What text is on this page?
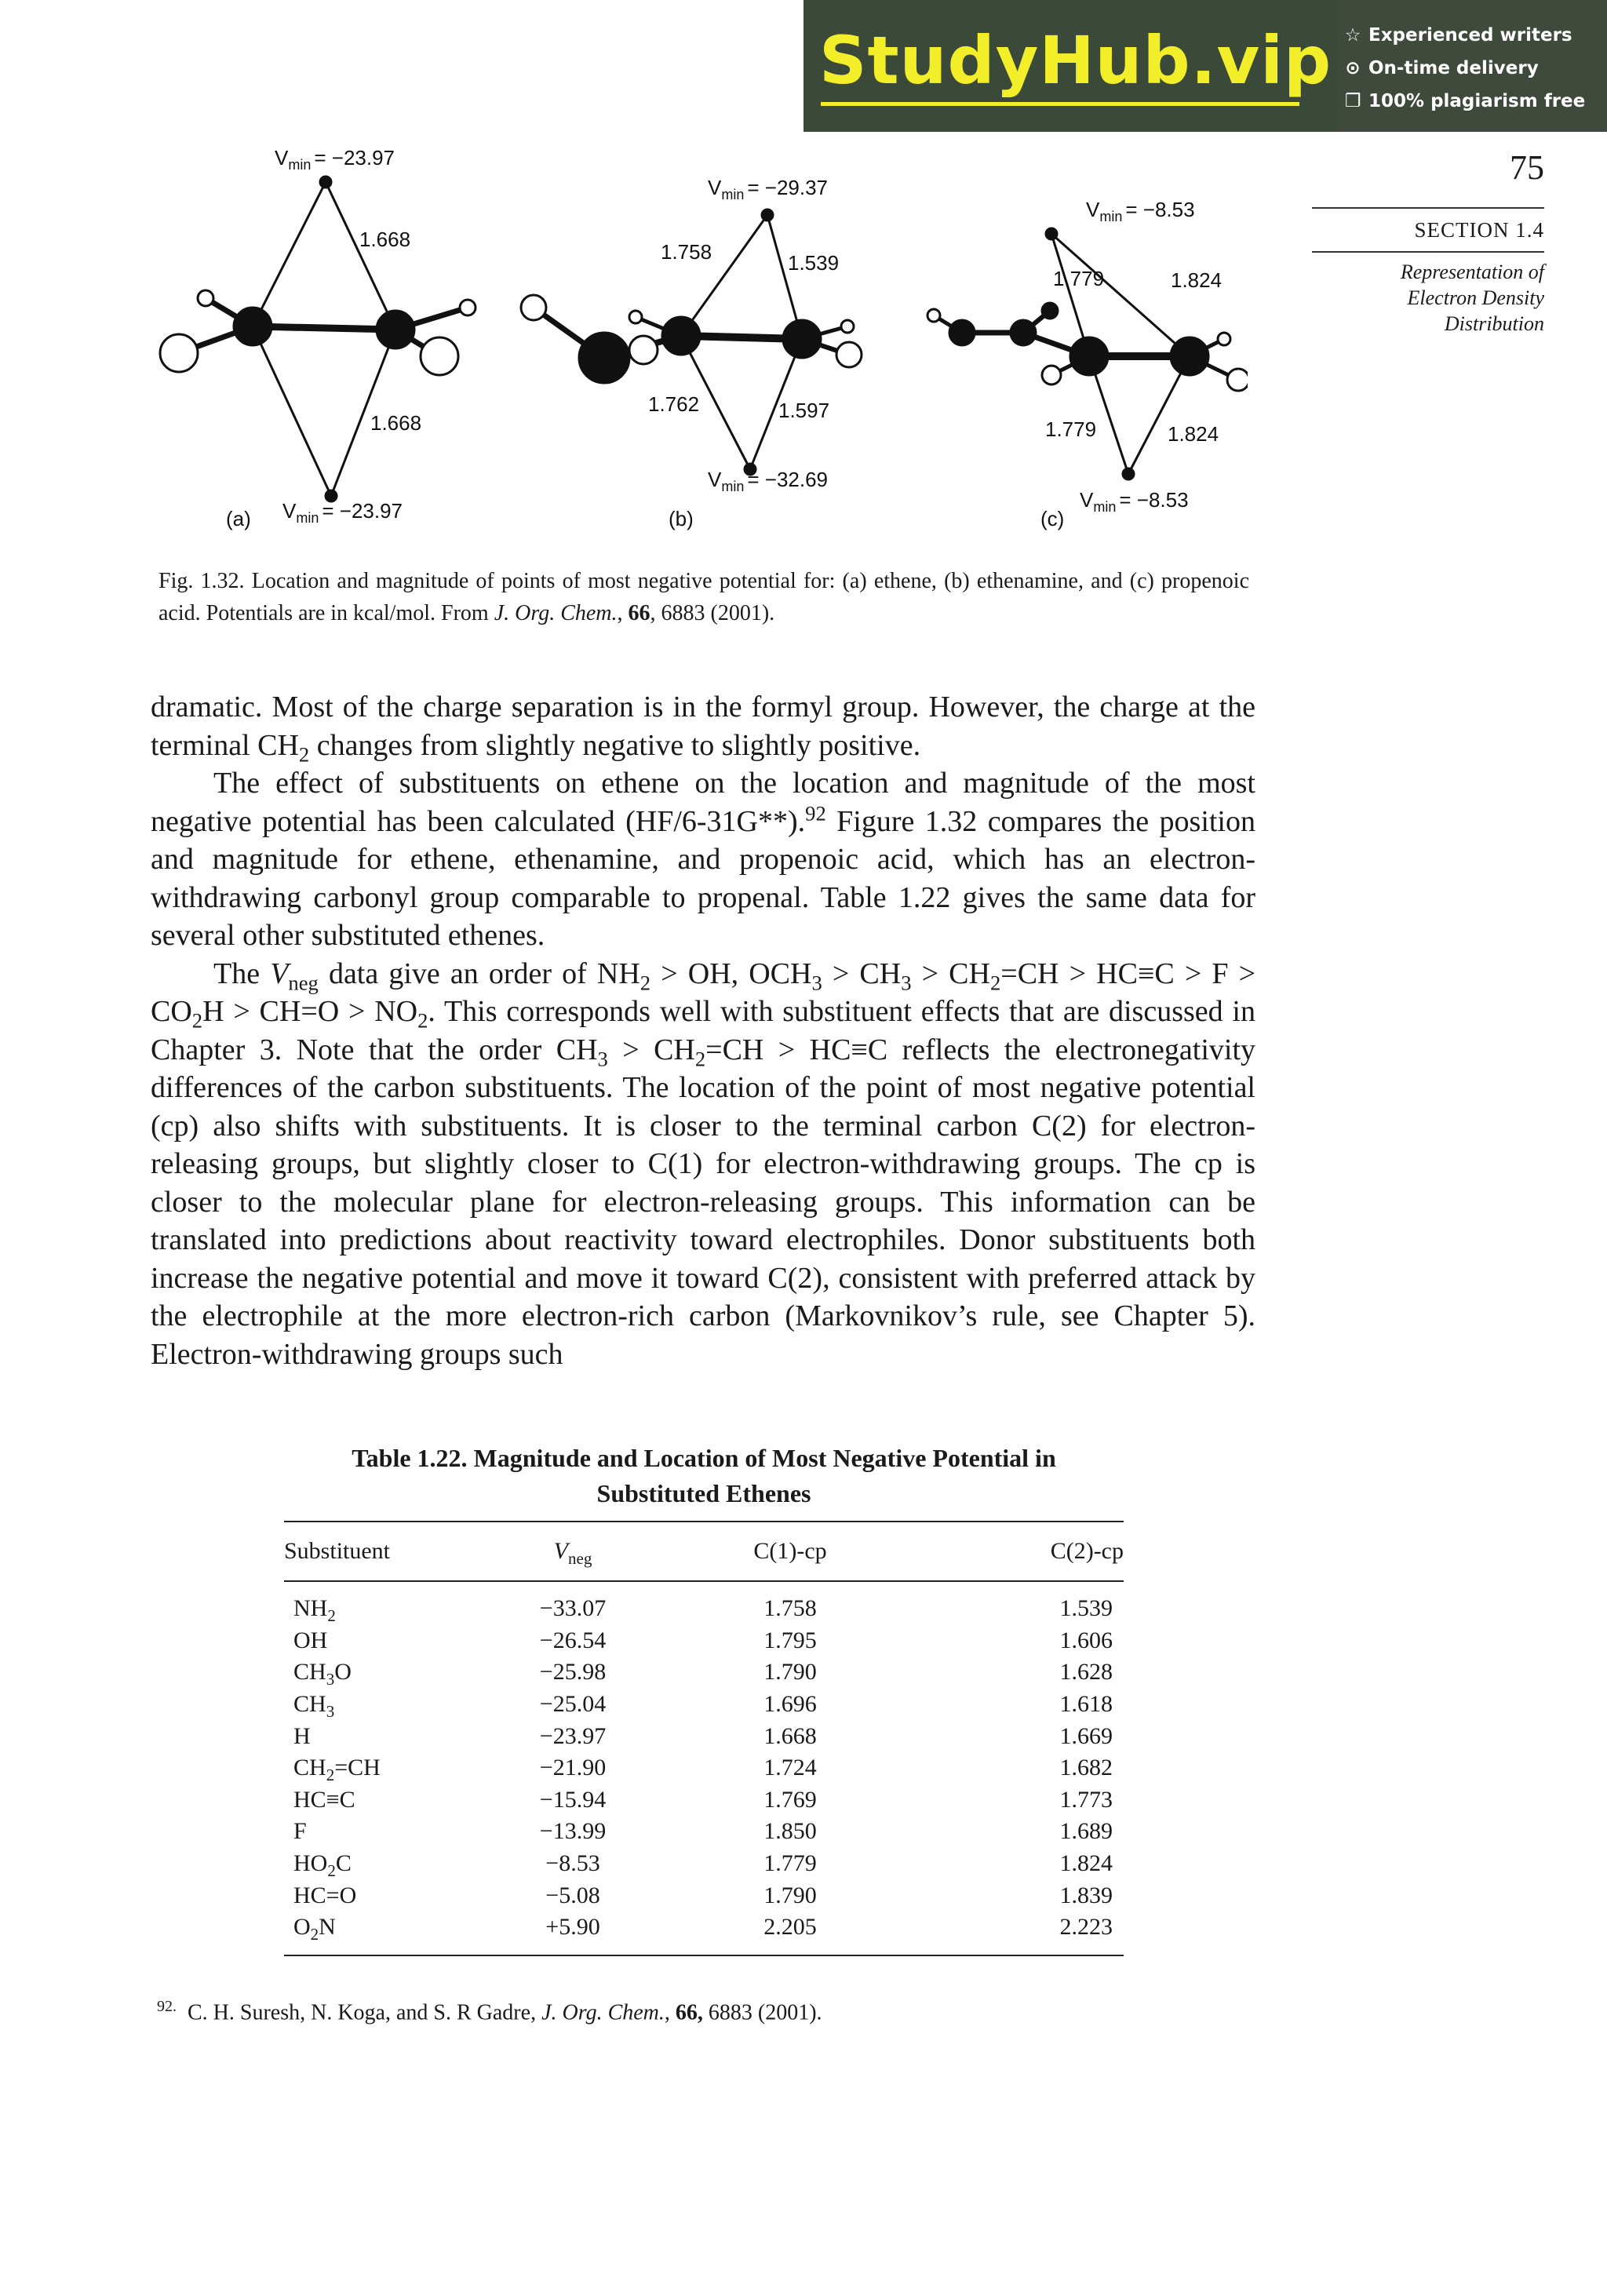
StudyHub.vip ☆ Experienced writers
⊙ On-time delivery
❐ 100% plagiarism free
75
SECTION 1.4
Representation of Electron Density Distribution
$V_{min} = -23.97$
1.668
1.668
$V_{min} = -23.97$
(a)
$V_{min} = -29.37$
1.758	1.539
1.762	1.597
$V_{min} = -32.69$
(b)
$V_{min} = -8.53$
1.779	1.824
1.779	1.824
$V_{min} = -8.53$
(c)
Fig. 1.32. Location and magnitude of points of most negative potential for: (a) ethene, (b) ethenamine, and (c) propenoic acid. Potentials are in kcal/mol. From J. Org. Chem., 66, 6883 (2001).

dramatic. Most of the charge separation is in the formyl group. However, the charge at the terminal $CH_2$ changes from slightly negative to slightly positive.

The effect of substituents on ethene on the location and magnitude of the most negative potential has been calculated (HF/6-31G**).$^{92}$ Figure 1.32 compares the position and magnitude for ethene, ethenamine, and propenoic acid, which has an electron-withdrawing carbonyl group comparable to propenal. Table 1.22 gives the same data for several other substituted ethenes.

The $V_{neg}$ data give an order of $NH_2$ > OH, $OCH_3 > CH_3 > CH_2=CH > HC\equiv C > F > CO_2H > CH=O > NO_2$. This corresponds well with substituent effects that are discussed in Chapter 3. Note that the order $CH_3 > CH_2=CH > HC\equiv C$ reflects the electronegativity differences of the carbon substituents. The location of the point of most negative potential (cp) also shifts with substituents. It is closer to the terminal carbon C(2) for electron-releasing groups, but slightly closer to C(1) for electron-withdrawing groups. The cp is closer to the molecular plane for electron-releasing groups. This information can be translated into predictions about reactivity toward electrophiles. Donor substituents both increase the negative potential and move it toward C(2), consistent with preferred attack by the electrophile at the more electron-rich carbon (Markovnikov’s rule, see Chapter 5). Electron-withdrawing groups such

Table 1.22. Magnitude and Location of Most Negative Potential in
Substituted Ethenes
Substituent	$V_{neg}$	C(1)-cp	C(2)-cp

$NH_2$	−33.07	1.758	1.539
OH	−26.54	1.795	1.606
$CH_3O$	−25.98	1.790	1.628
$CH_3$	−25.04	1.696	1.618
H	−23.97	1.668	1.669
$CH_2=CH$	−21.90	1.724	1.682
HC≡C	−15.94	1.769	1.773
F	−13.99	1.850	1.689
$HO_2C$	−8.53	1.779	1.824
HC=O	−5.08	1.790	1.839
$O_2N$	+5.90	2.205	2.223
$^{92.}$ C. H. Suresh, N. Koga, and S. R Gadre, J. Org. Chem., 66, 6883 (2001).
